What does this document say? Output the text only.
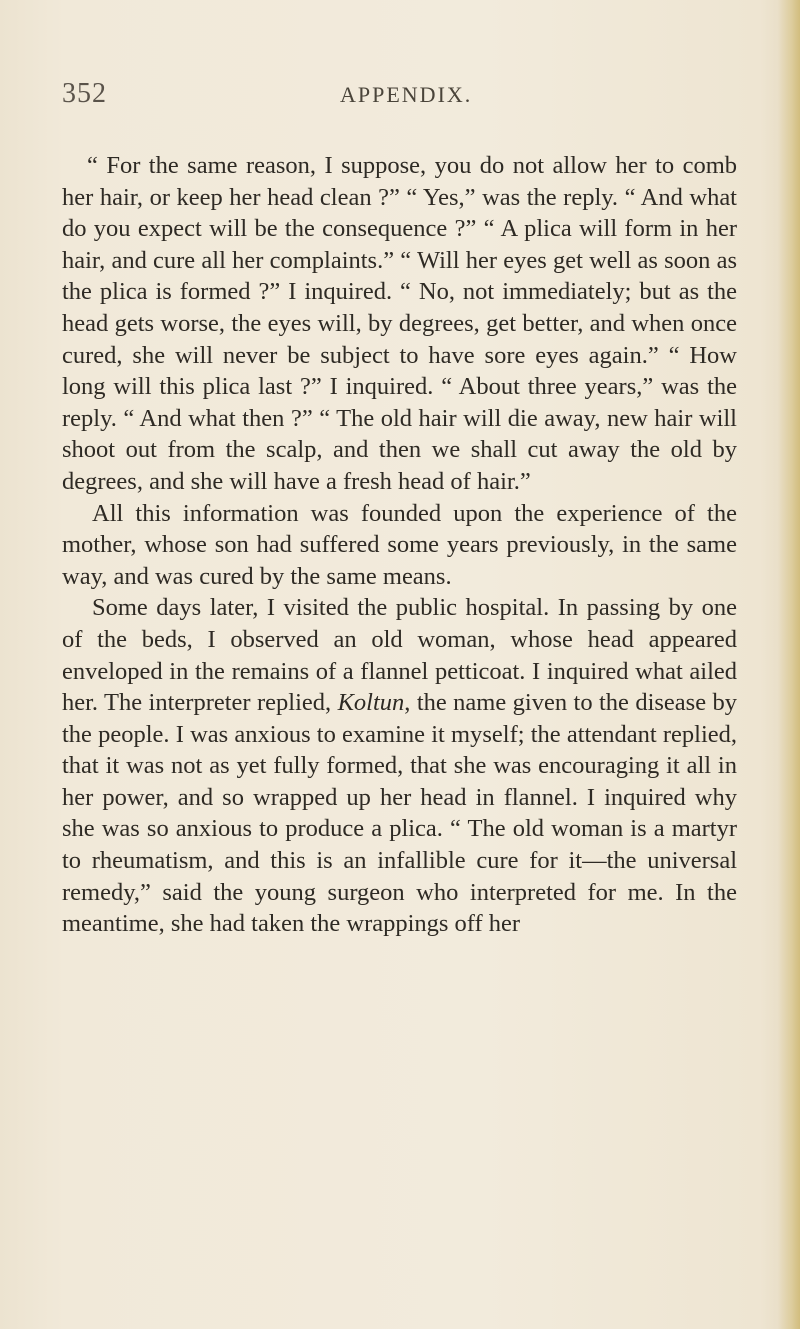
352	APPENDIX.

“ For the same reason, I suppose, you do not allow her to comb her hair, or keep her head clean ?” “ Yes,” was the reply. “ And what do you expect will be the consequence ?” “ A plica will form in her hair, and cure all her complaints.” “ Will her eyes get well as soon as the plica is formed ?” I inquired. “ No, not immediately; but as the head gets worse, the eyes will, by degrees, get better, and when once cured, she will never be subject to have sore eyes again.” “ How long will this plica last ?” I inquired. “ About three years,” was the reply. “ And what then ?” “ The old hair will die away, new hair will shoot out from the scalp, and then we shall cut away the old by degrees, and she will have a fresh head of hair.”

All this information was founded upon the experience of the mother, whose son had suffered some years previously, in the same way, and was cured by the same means.

Some days later, I visited the public hospital. In passing by one of the beds, I observed an old woman, whose head appeared enveloped in the remains of a flannel petticoat. I inquired what ailed her. The interpreter replied, Koltun, the name given to the disease by the people. I was anxious to examine it myself; the attendant replied, that it was not as yet fully formed, that she was encouraging it all in her power, and so wrapped up her head in flannel. I inquired why she was so anxious to produce a plica. “ The old woman is a martyr to rheumatism, and this is an infallible cure for it—the universal remedy,” said the young surgeon who interpreted for me. In the meantime, she had taken the wrappings off her
